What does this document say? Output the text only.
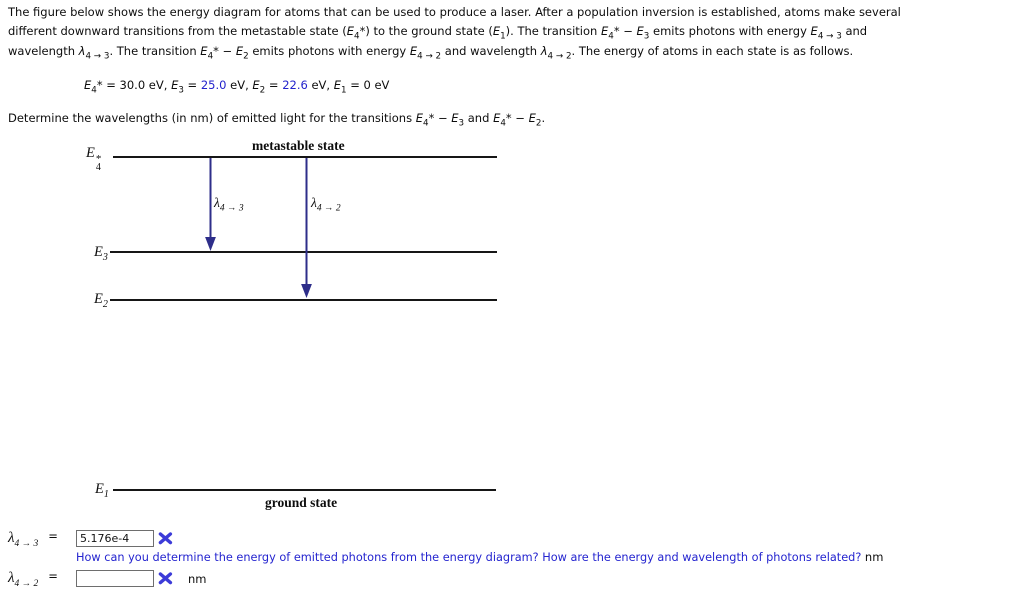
The figure below shows the energy diagram for atoms that can be used to produce a laser. After a population inversion is established, atoms make several
different downward transitions from the metastable state $(E_4*)$ to the ground state $(E_1)$. The transition $E_4* - E_3$ emits photons with energy $E_{4 \to 3}$ and
wavelength $\lambda_{4 \to 3}$. The transition $E_4* - E_2$ emits photons with energy $E_{4 \to 2}$ and wavelength $\lambda_{4 \to 2}$. The energy of atoms in each state is as follows.
$E_4* = 30.0$ eV, $E_3 = 25.0$ eV, $E_2 = 22.6$ eV, $E_1 = 0$ eV
Determine the wavelengths (in nm) of emitted light for the transitions $E_4* - E_3$ and $E_4* - E_2$.
E *
4
$E_3$
$E_2$
$E_1$
metastable state
ground state
$\lambda_{4 \to 3}$	$\lambda_{4 \to 2}$
$\lambda_{4 \to 3}=$
5.176e-4
How can you determine the energy of emitted photons from the energy diagram? How are the energy and wavelength of photons related? nm
$\lambda_{4 \to 2}=$	nm
